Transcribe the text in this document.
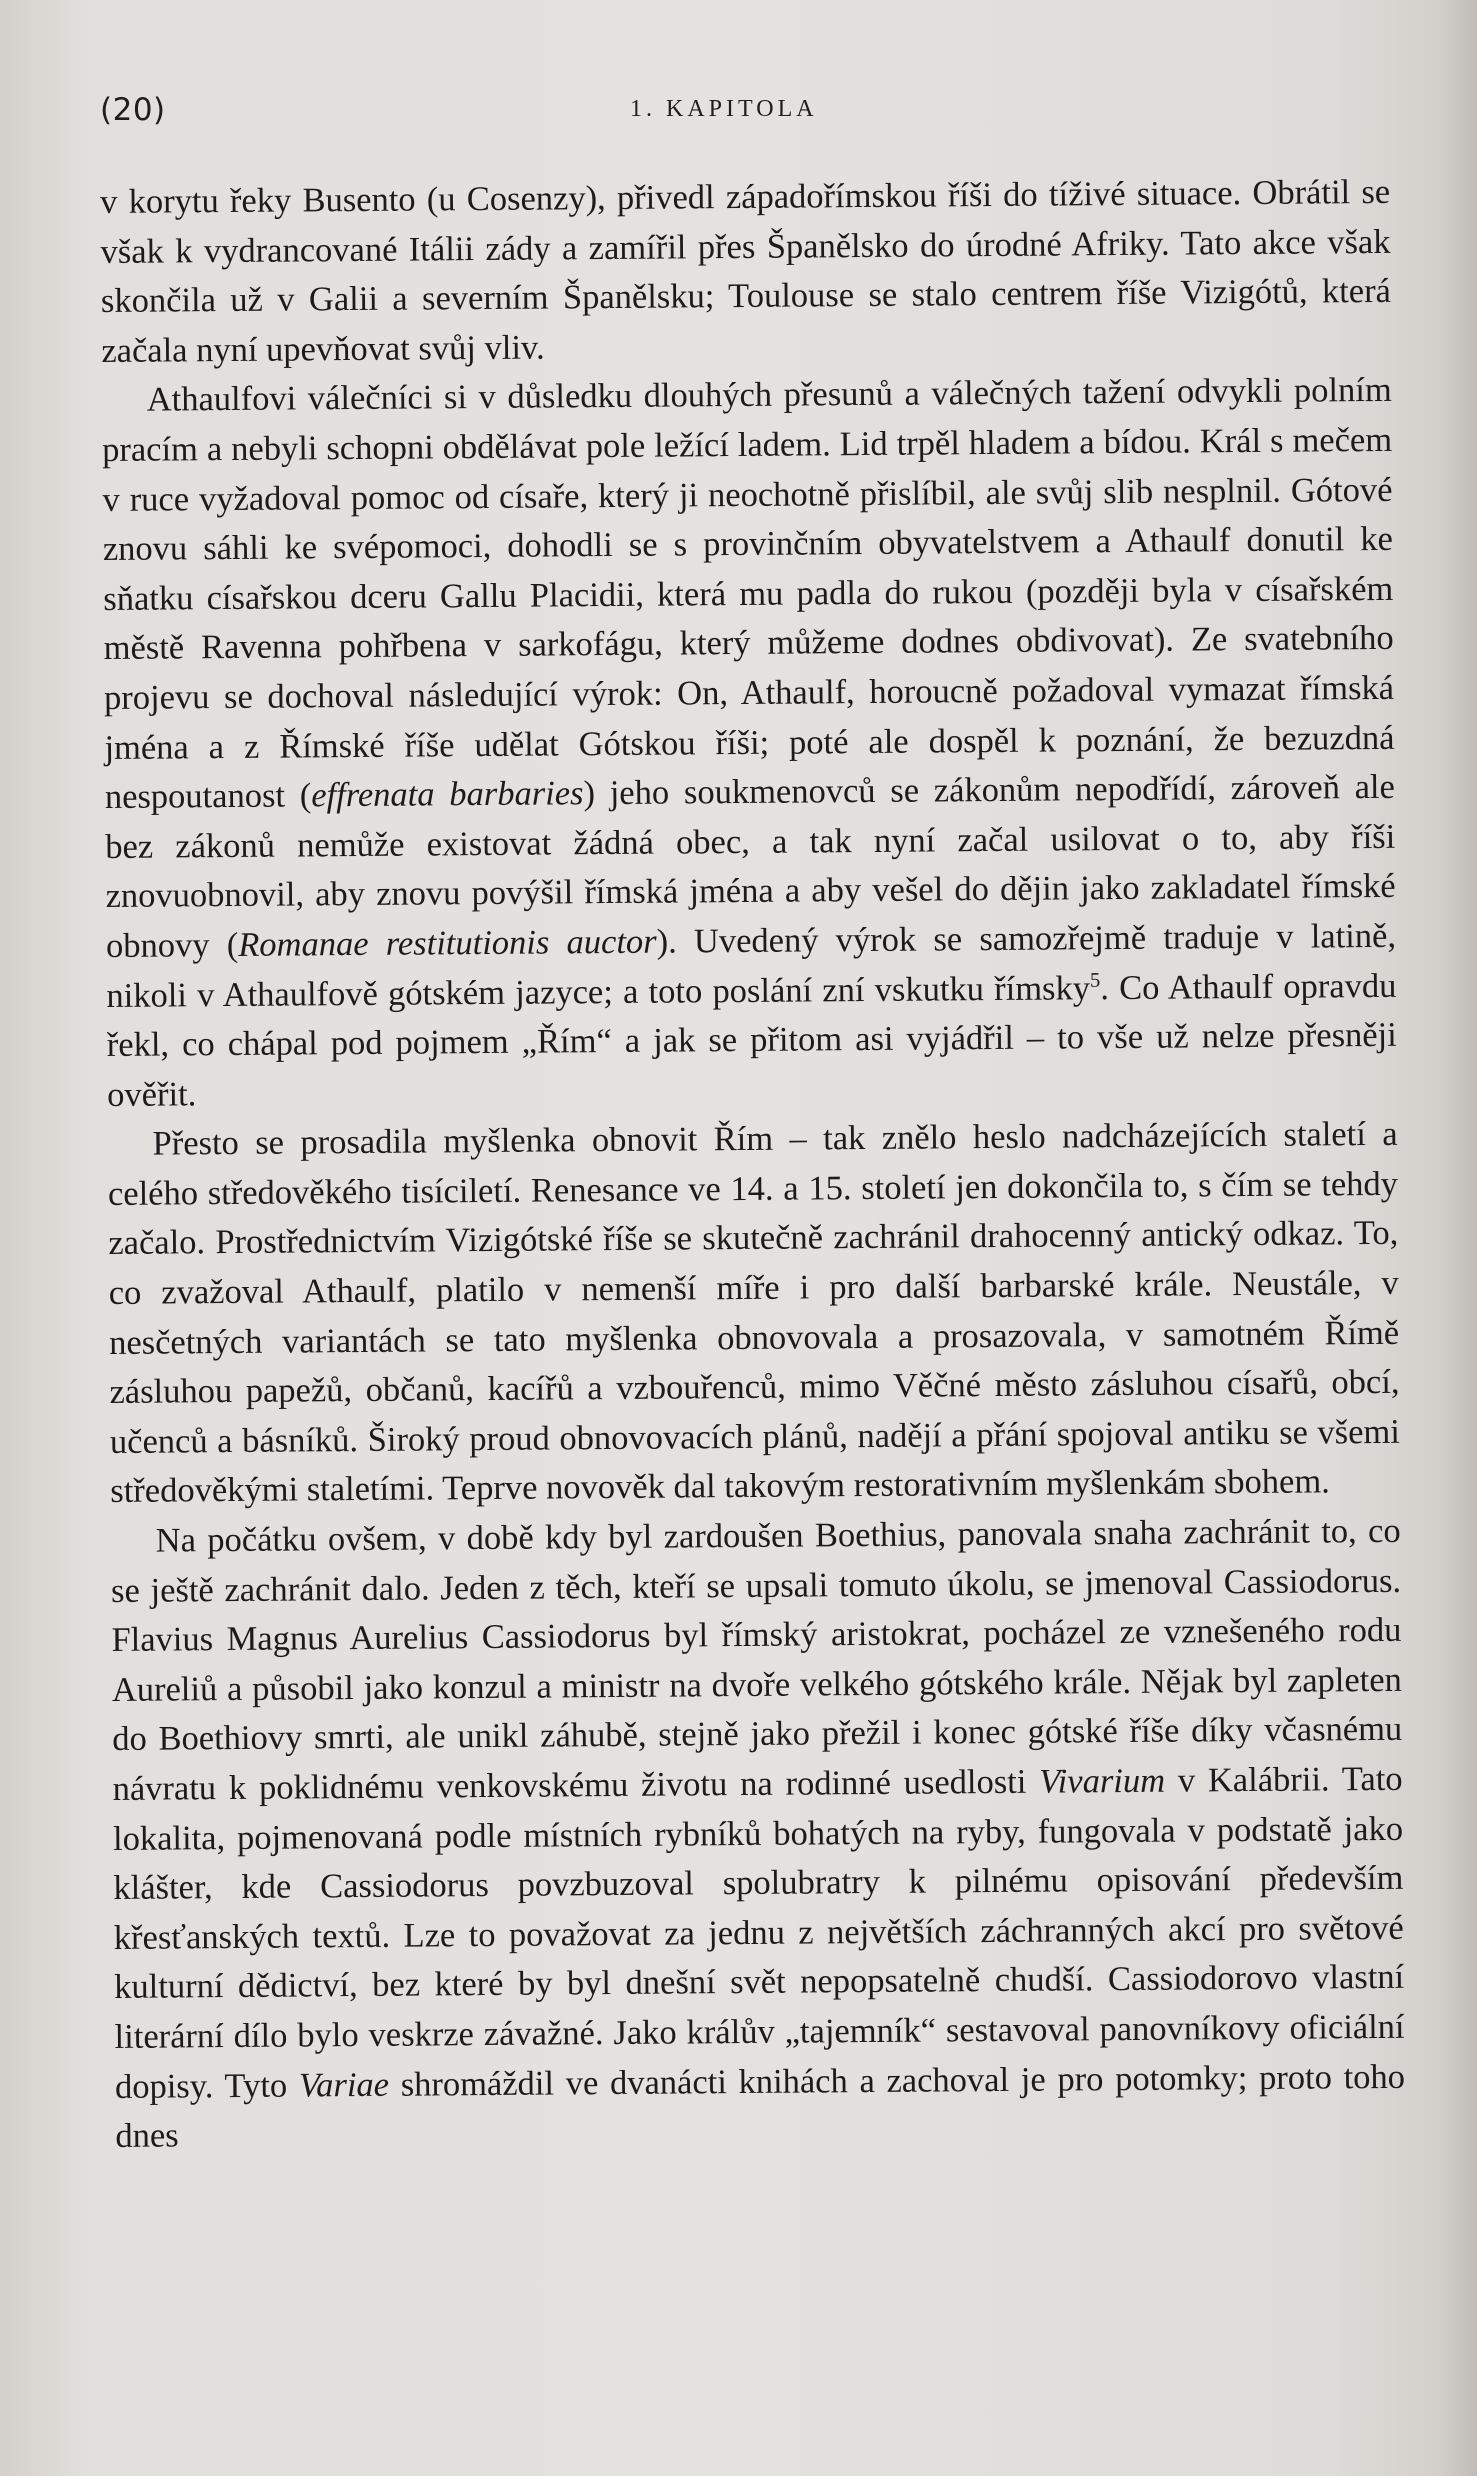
(20)	1. KAPITOLA

v korytu řeky Busento (u Cosenzy), přivedl západořímskou říši do tíživé situace. Obrátil se však k vydrancované Itálii zády a zamířil přes Španělsko do úrodné Afriky. Tato akce však skončila už v Galii a severním Španělsku; Toulouse se stalo centrem říše Vizigótů, která začala nyní upevňovat svůj vliv.

Athaulfovi válečníci si v důsledku dlouhých přesunů a válečných tažení odvykli polním pracím a nebyli schopni obdělávat pole ležící ladem. Lid trpěl hladem a bídou. Král s mečem v ruce vyžadoval pomoc od císaře, který ji neochotně přislíbil, ale svůj slib nesplnil. Gótové znovu sáhli ke svépomoci, dohodli se s provinčním obyvatelstvem a Athaulf donutil ke sňatku císařskou dceru Gallu Placidii, která mu padla do rukou (později byla v císařském městě Ravenna pohřbena v sarkofágu, který můžeme dodnes obdivovat). Ze svatebního projevu se dochoval následující výrok: On, Athaulf, horoucně požadoval vymazat římská jména a z Římské říše udělat Gótskou říši; poté ale dospěl k poznání, že bezuzdná nespoutanost (effrenata barbaries) jeho soukmenovců se zákonům nepodřídí, zároveň ale bez zákonů nemůže existovat žádná obec, a tak nyní začal usilovat o to, aby říši znovuobnovil, aby znovu povýšil římská jména a aby vešel do dějin jako zakladatel římské obnovy (Romanae restitutionis auctor). Uvedený výrok se samozřejmě traduje v latině, nikoli v Athaulfově gótském jazyce; a toto poslání zní vskutku římsky$^5$. Co Athaulf opravdu řekl, co chápal pod pojmem „Řím“ a jak se přitom asi vyjádřil – to vše už nelze přesněji ověřit.

Přesto se prosadila myšlenka obnovit Řím – tak znělo heslo nadcházejících staletí a celého středověkého tisíciletí. Renesance ve 14. a 15. století jen dokončila to, s čím se tehdy začalo. Prostřednictvím Vizigótské říše se skutečně zachránil drahocenný antický odkaz. To, co zvažoval Athaulf, platilo v nemenší míře i pro další barbarské krále. Neustále, v nesčetných variantách se tato myšlenka obnovovala a prosazovala, v samotném Římě zásluhou papežů, občanů, kacířů a vzbouřenců, mimo Věčné město zásluhou císařů, obcí, učenců a básníků. Široký proud obnovovacích plánů, nadějí a přání spojoval antiku se všemi středověkými staletími. Teprve novověk dal takovým restorativním myšlenkám sbohem.

Na počátku ovšem, v době kdy byl zardoušen Boethius, panovala snaha zachránit to, co se ještě zachránit dalo. Jeden z těch, kteří se upsali tomuto úkolu, se jmenoval Cassiodorus. Flavius Magnus Aurelius Cassiodorus byl římský aristokrat, pocházel ze vznešeného rodu Aureliů a působil jako konzul a ministr na dvoře velkého gótského krále. Nějak byl zapleten do Boethiovy smrti, ale unikl záhubě, stejně jako přežil i konec gótské říše díky včasnému návratu k poklidnému venkovskému životu na rodinné usedlosti Vivarium v Kalábrii. Tato lokalita, pojmenovaná podle místních rybníků bohatých na ryby, fungovala v podstatě jako klášter, kde Cassiodorus povzbuzoval spolubratry k pilnému opisování především křesťanských textů. Lze to považovat za jednu z největších záchranných akcí pro světové kulturní dědictví, bez které by byl dnešní svět nepopsatelně chudší. Cassiodorovo vlastní literární dílo bylo veskrze závažné. Jako králův „tajemník“ sestavoval panovníkovy oficiální dopisy. Tyto Variae shromáždil ve dvanácti knihách a zachoval je pro potomky; proto toho dnes
